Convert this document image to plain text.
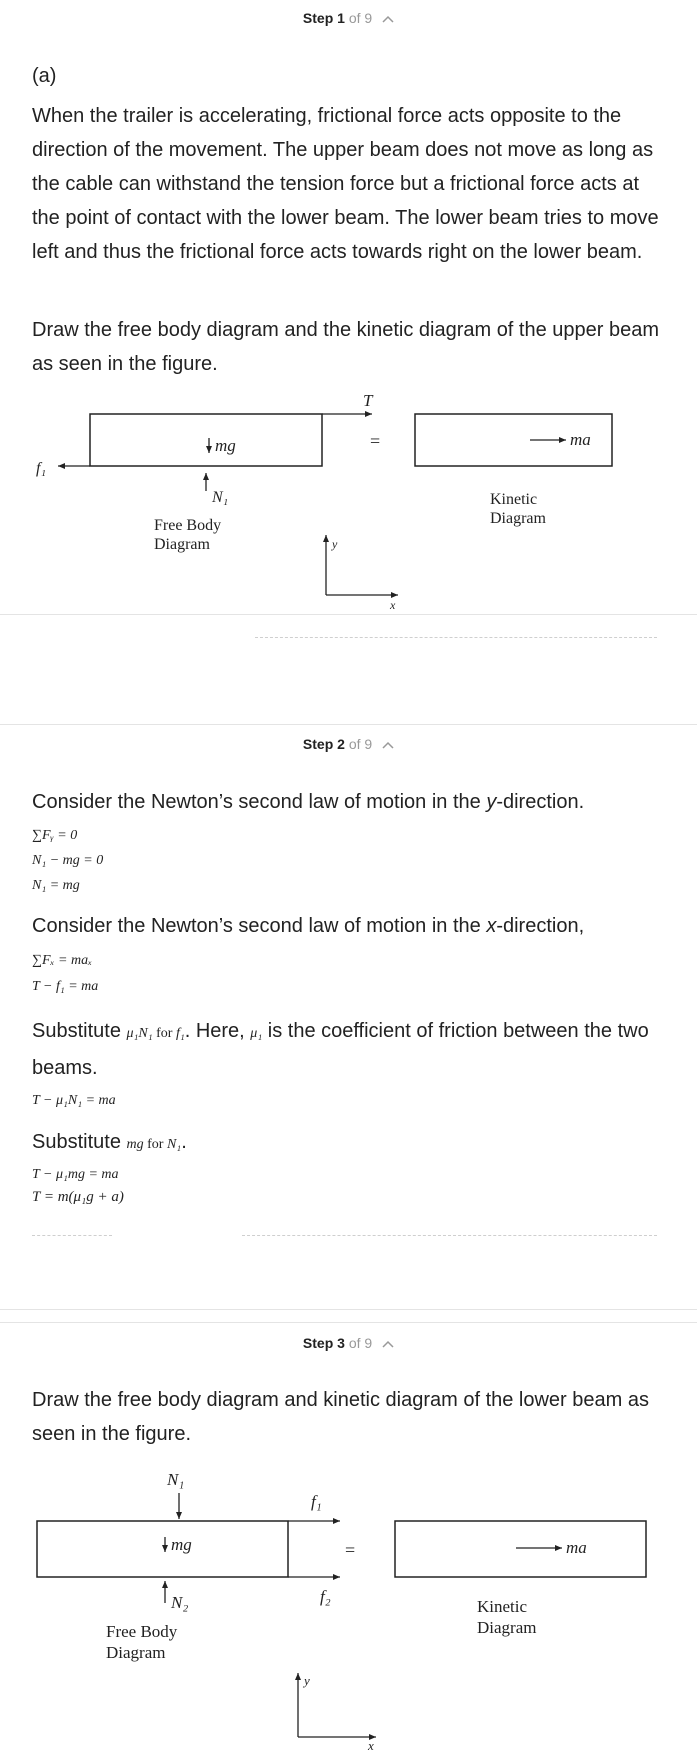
Step 1 of 9
(a)
When the trailer is accelerating, frictional force acts opposite to the direction of the movement. The upper beam does not move as long as the cable can withstand the tension force but a frictional force acts at the point of contact with the lower beam. The lower beam tries to move left and thus the frictional force acts towards right on the lower beam.
Draw the free body diagram and the kinetic diagram of the upper beam as seen in the figure.
T
mg
f₁
N₁
Free Body
Diagram
=	ma
Kinetic
Diagram
y
x
Step 2 of 9
Consider the Newton’s second law of motion in the y-direction.
∑Fᵧ = 0
N₁ − mg = 0
N₁ = mg
Consider the Newton’s second law of motion in the x-direction,
∑Fₓ = maₓ
T − f₁ = ma
Substitute μ₁N₁ for f₁. Here, μ₁ is the coefficient of friction between the two beams.
T − μ₁N₁ = ma
Substitute mg for N₁.
T − μ₁mg = ma
T = m(μ₁g + a)
Step 3 of 9
Draw the free body diagram and kinetic diagram of the lower beam as seen in the figure.
N₁
f₁
mg
f₂
N₂
Free Body
Diagram
=	ma
Kinetic
Diagram
y
x
